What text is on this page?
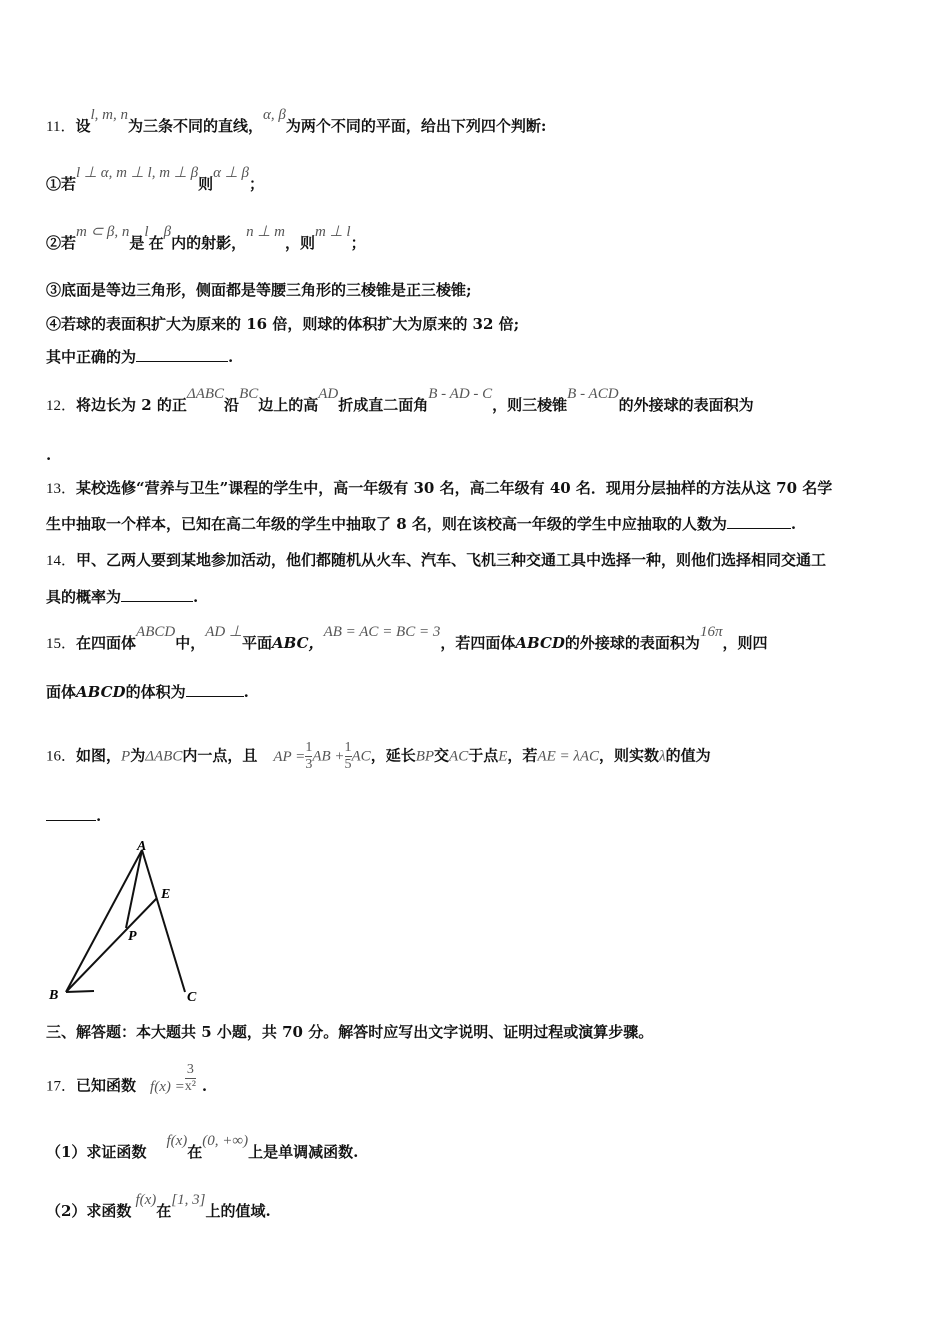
11．设l, m, n为三条不同的直线，α, β为两个不同的平面，给出下列四个判断:
①若l ⊥ α, m ⊥ l, m ⊥ β则α ⊥ β；
②若m ⊂ β, n是l在β内的射影，n ⊥ m，则m ⊥ l；
③底面是等边三角形，侧面都是等腰三角形的三棱锥是正三棱锥;
④若球的表面积扩大为原来的 16 倍，则球的体积扩大为原来的 32 倍;
其中正确的为	.
12．将边长为 2 的正ΔABC沿BC边上的高AD折成直二面角B - AD - C，则三棱锥B - ACD的外接球的表面积为
.
13．某校选修“营养与卫生”课程的学生中，高一年级有 30 名，高二年级有 40 名．现用分层抽样的方法从这 70 名学
生中抽取一个样本，已知在高二年级的学生中抽取了 8 名，则在该校高一年级的学生中应抽取的人数为	.
14．甲、乙两人要到某地参加活动，他们都随机从火车、汽车、飞机三种交通工具中选择一种，则他们选择相同交通工
具的概率为	.
15．在四面体ABCD中，AD ⊥平面ABC，AB = AC = BC = 3，若四面体ABCD的外接球的表面积为16π，则四
面体ABCD的体积为	.
16．如图，P为ΔABC内一点，且 AP = $\frac{1}{3}$ AB + $\frac{1}{5}$ AC，延长BP交AC于点E，若AE = λAC，则实数λ的值为
.
A
E
P
B	C
三、解答题：本大题共 5 小题，共 70 分。解答时应写出文字说明、证明过程或演算步骤。
17．已知函数 $f(x) = \frac{3}{\text{x²}}$ .
（1）求证函数f(x)在(0, +∞)上是单调减函数.
（2）求函数f(x)在[1, 3]上的值域.
